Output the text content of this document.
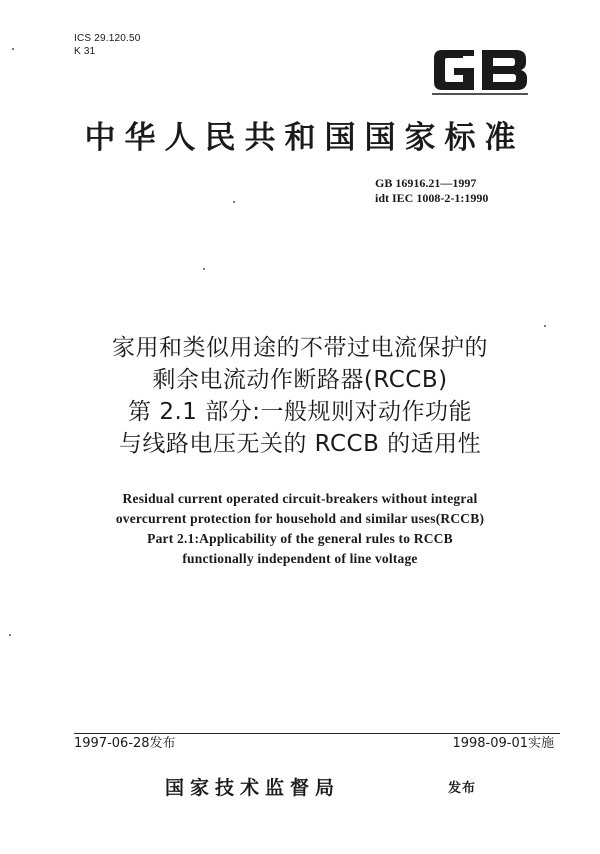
ICS 29.120.50
K 31
中华人民共和国国家标准
GB 16916.21—1997
idt IEC 1008-2-1:1990
家用和类似用途的不带过电流保护的
剩余电流动作断路器(RCCB)
第 2.1 部分:一般规则对动作功能
与线路电压无关的 RCCB 的适用性
Residual current operated circuit-breakers without integral
overcurrent protection for household and similar uses(RCCB)
Part 2.1:Applicability of the general rules to RCCB
functionally independent of line voltage
1997-06-28发布	1998-09-01实施
国家技术监督局	发布
